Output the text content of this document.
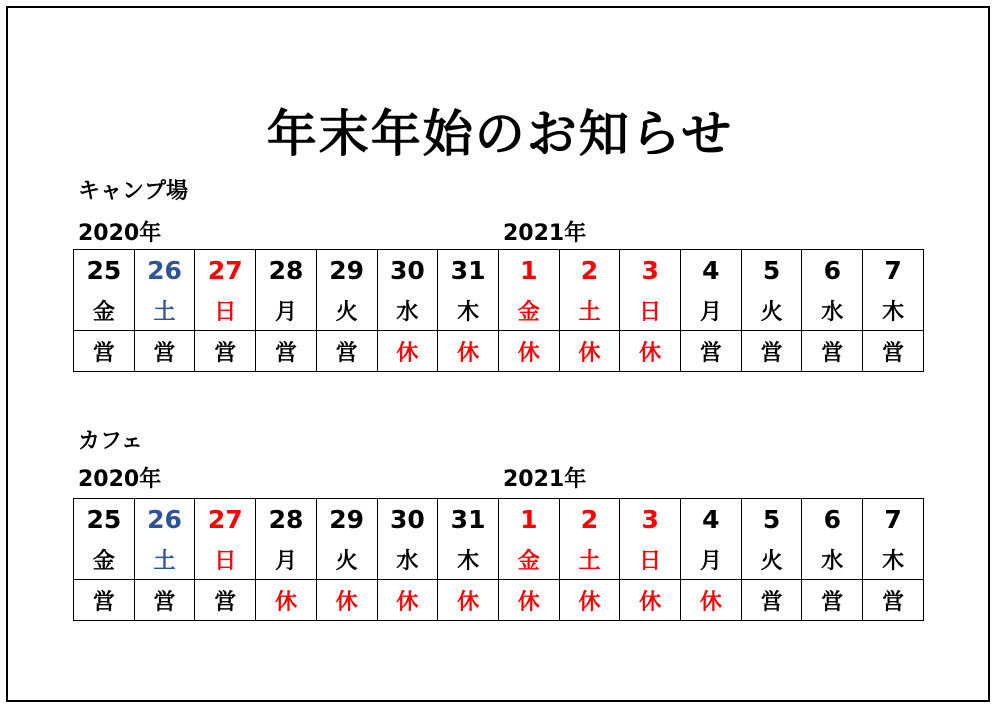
年末年始のお知らせ
キャンプ場
2020年	2021年
25	26	27	28	29	30	31	1	2	3	4	5	6	7
金	土	日	月	火	水	木	金	土	日	月	火	水	木
営	営	営	営	営	休	休	休	休	休	営	営	営	営
カフェ
2020年	2021年
25	26	27	28	29	30	31	1	2	3	4	5	6	7
金	土	日	月	火	水	木	金	土	日	月	火	水	木
営	営	営	休	休	休	休	休	休	休	休	営	営	営
